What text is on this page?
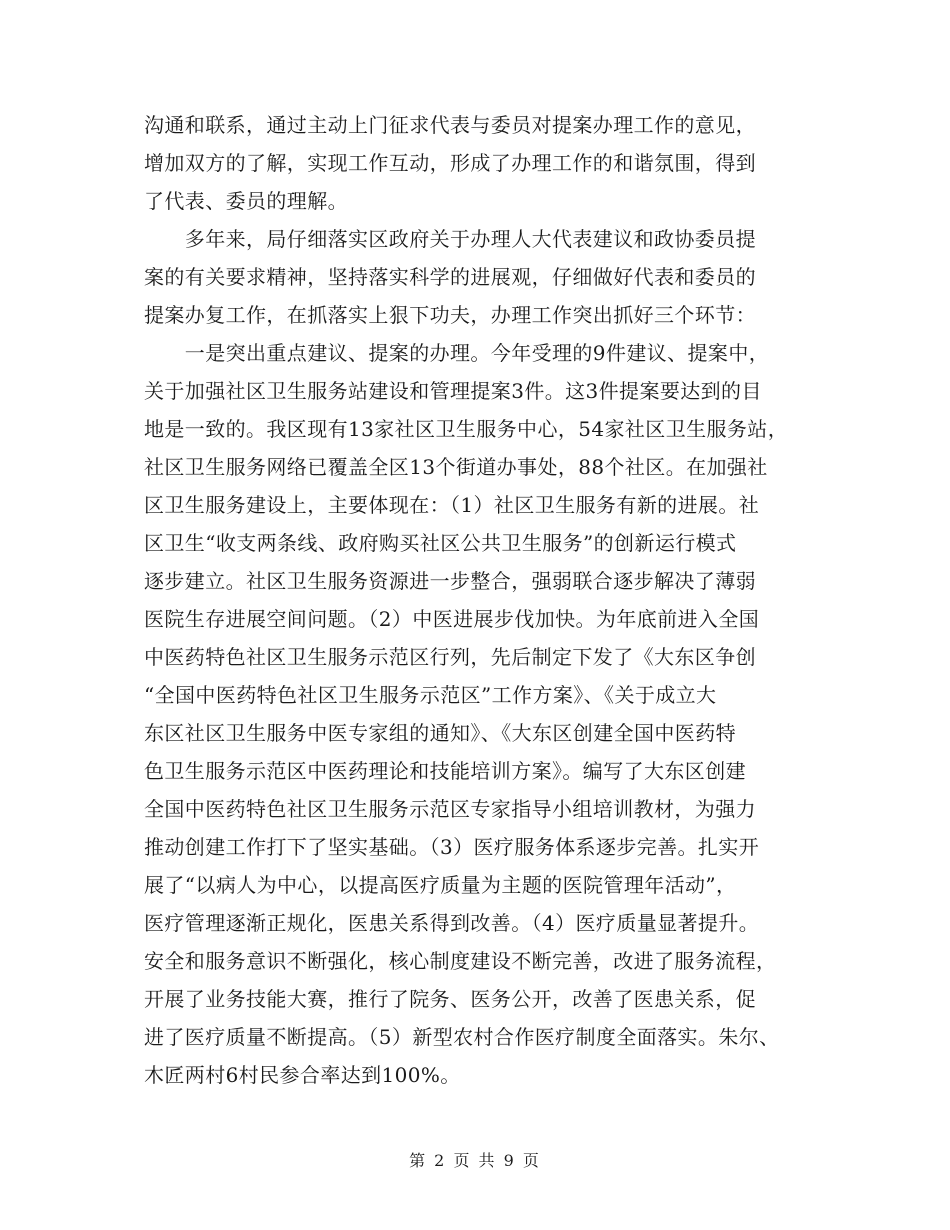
沟通和联系，通过主动上门征求代表与委员对提案办理工作的意见，
增加双方的了解，实现工作互动，形成了办理工作的和谐氛围，得到
了代表、委员的理解。
　　多年来，局仔细落实区政府关于办理人大代表建议和政协委员提
案的有关要求精神，坚持落实科学的进展观，仔细做好代表和委员的
提案办复工作，在抓落实上狠下功夫，办理工作突出抓好三个环节：
　　一是突出重点建议、提案的办理。今年受理的9件建议、提案中，
关于加强社区卫生服务站建设和管理提案3件。这3件提案要达到的目
地是一致的。我区现有13家社区卫生服务中心，54家社区卫生服务站，
社区卫生服务网络已覆盖全区13个街道办事处，88个社区。在加强社
区卫生服务建设上，主要体现在：（1）社区卫生服务有新的进展。社
区卫生“收支两条线、政府购买社区公共卫生服务”的创新运行模式
逐步建立。社区卫生服务资源进一步整合，强弱联合逐步解决了薄弱
医院生存进展空间问题。（2）中医进展步伐加快。为年底前进入全国
中医药特色社区卫生服务示范区行列，先后制定下发了《大东区争创
“全国中医药特色社区卫生服务示范区”工作方案》、《关于成立大
东区社区卫生服务中医专家组的通知》、《大东区创建全国中医药特
色卫生服务示范区中医药理论和技能培训方案》。编写了大东区创建
全国中医药特色社区卫生服务示范区专家指导小组培训教材，为强力
推动创建工作打下了坚实基础。（3）医疗服务体系逐步完善。扎实开
展了“以病人为中心，以提高医疗质量为主题的医院管理年活动”，
医疗管理逐渐正规化，医患关系得到改善。（4）医疗质量显著提升。
安全和服务意识不断强化，核心制度建设不断完善，改进了服务流程，
开展了业务技能大赛，推行了院务、医务公开，改善了医患关系，促
进了医疗质量不断提高。（5）新型农村合作医疗制度全面落实。朱尔、
木匠两村6村民参合率达到100%。
第 2 页 共 9 页
